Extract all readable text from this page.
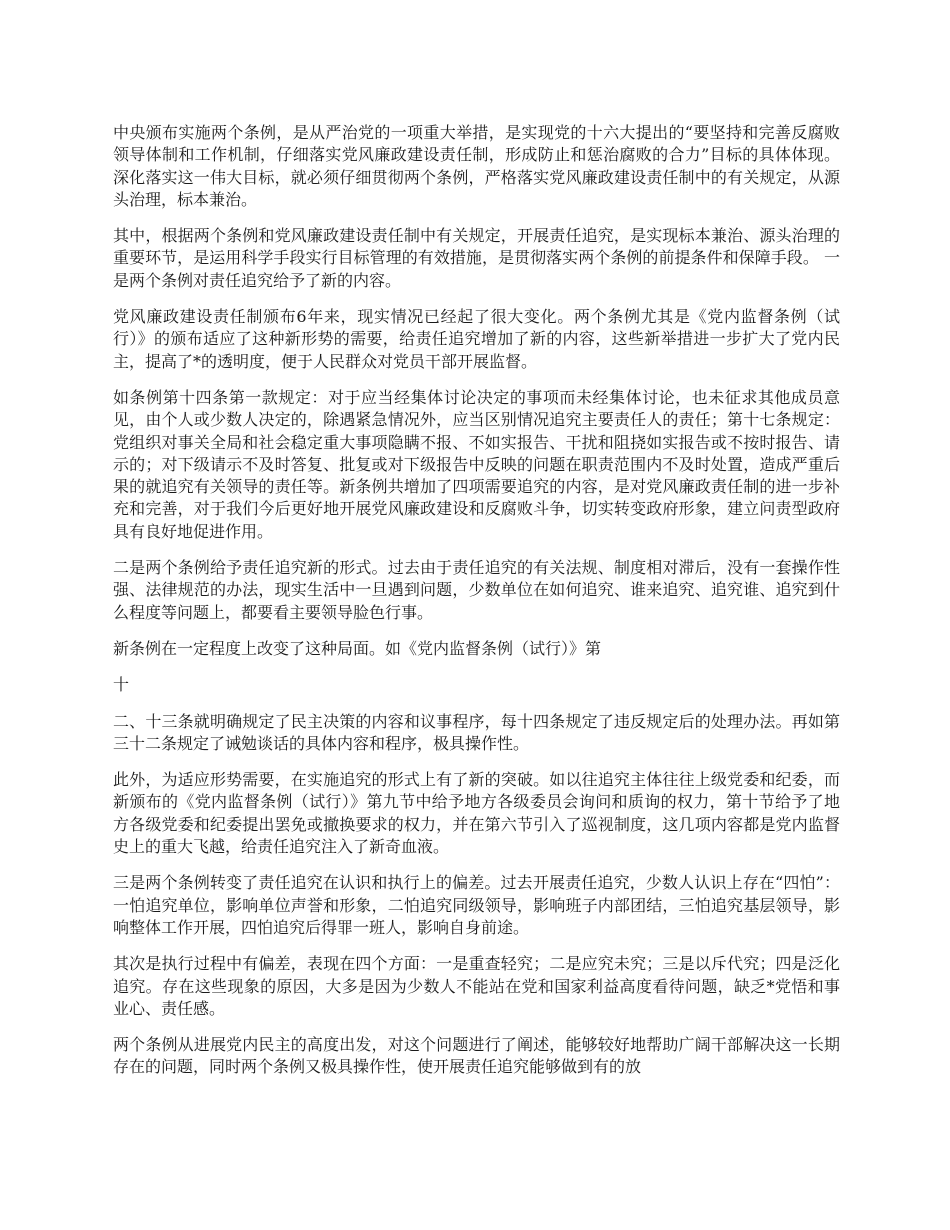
中央颁布实施两个条例，是从严治党的一项重大举措，是实现党的十六大提出的“要坚持和完善反腐败领导体制和工作机制，仔细落实党风廉政建设责任制，形成防止和惩治腐败的合力”目标的具体体现。深化落实这一伟大目标，就必须仔细贯彻两个条例，严格落实党风廉政建设责任制中的有关规定，从源头治理，标本兼治。

其中，根据两个条例和党风廉政建设责任制中有关规定，开展责任追究，是实现标本兼治、源头治理的重要环节，是运用科学手段实行目标管理的有效措施，是贯彻落实两个条例的前提条件和保障手段。 一是两个条例对责任追究给予了新的内容。

党风廉政建设责任制颁布6年来，现实情况已经起了很大变化。两个条例尤其是《党内监督条例（试行）》的颁布适应了这种新形势的需要，给责任追究增加了新的内容，这些新举措进一步扩大了党内民主，提高了*的透明度，便于人民群众对党员干部开展监督。

如条例第十四条第一款规定：对于应当经集体讨论决定的事项而未经集体讨论，也未征求其他成员意见，由个人或少数人决定的，除遇紧急情况外，应当区别情况追究主要责任人的责任；第十七条规定：党组织对事关全局和社会稳定重大事项隐瞒不报、不如实报告、干扰和阻挠如实报告或不按时报告、请示的；对下级请示不及时答复、批复或对下级报告中反映的问题在职责范围内不及时处置，造成严重后果的就追究有关领导的责任等。新条例共增加了四项需要追究的内容，是对党风廉政责任制的进一步补充和完善，对于我们今后更好地开展党风廉政建设和反腐败斗争，切实转变政府形象，建立问责型政府具有良好地促进作用。

二是两个条例给予责任追究新的形式。过去由于责任追究的有关法规、制度相对滞后，没有一套操作性强、法律规范的办法，现实生活中一旦遇到问题，少数单位在如何追究、谁来追究、追究谁、追究到什么程度等问题上，都要看主要领导脸色行事。

新条例在一定程度上改变了这种局面。如《党内监督条例（试行）》第

十

二、十三条就明确规定了民主决策的内容和议事程序，每十四条规定了违反规定后的处理办法。再如第三十二条规定了诫勉谈话的具体内容和程序，极具操作性。

此外，为适应形势需要，在实施追究的形式上有了新的突破。如以往追究主体往往上级党委和纪委，而新颁布的《党内监督条例（试行）》第九节中给予地方各级委员会询问和质询的权力，第十节给予了地方各级党委和纪委提出罢免或撤换要求的权力，并在第六节引入了巡视制度，这几项内容都是党内监督史上的重大飞越，给责任追究注入了新奇血液。

三是两个条例转变了责任追究在认识和执行上的偏差。过去开展责任追究，少数人认识上存在“四怕”：一怕追究单位，影响单位声誉和形象，二怕追究同级领导，影响班子内部团结，三怕追究基层领导，影响整体工作开展，四怕追究后得罪一班人，影响自身前途。

其次是执行过程中有偏差，表现在四个方面：一是重查轻究；二是应究未究；三是以斥代究；四是泛化追究。存在这些现象的原因，大多是因为少数人不能站在党和国家利益高度看待问题，缺乏*党悟和事业心、责任感。

两个条例从进展党内民主的高度出发，对这个问题进行了阐述，能够较好地帮助广阔干部解决这一长期存在的问题，同时两个条例又极具操作性，使开展责任追究能够做到有的放
